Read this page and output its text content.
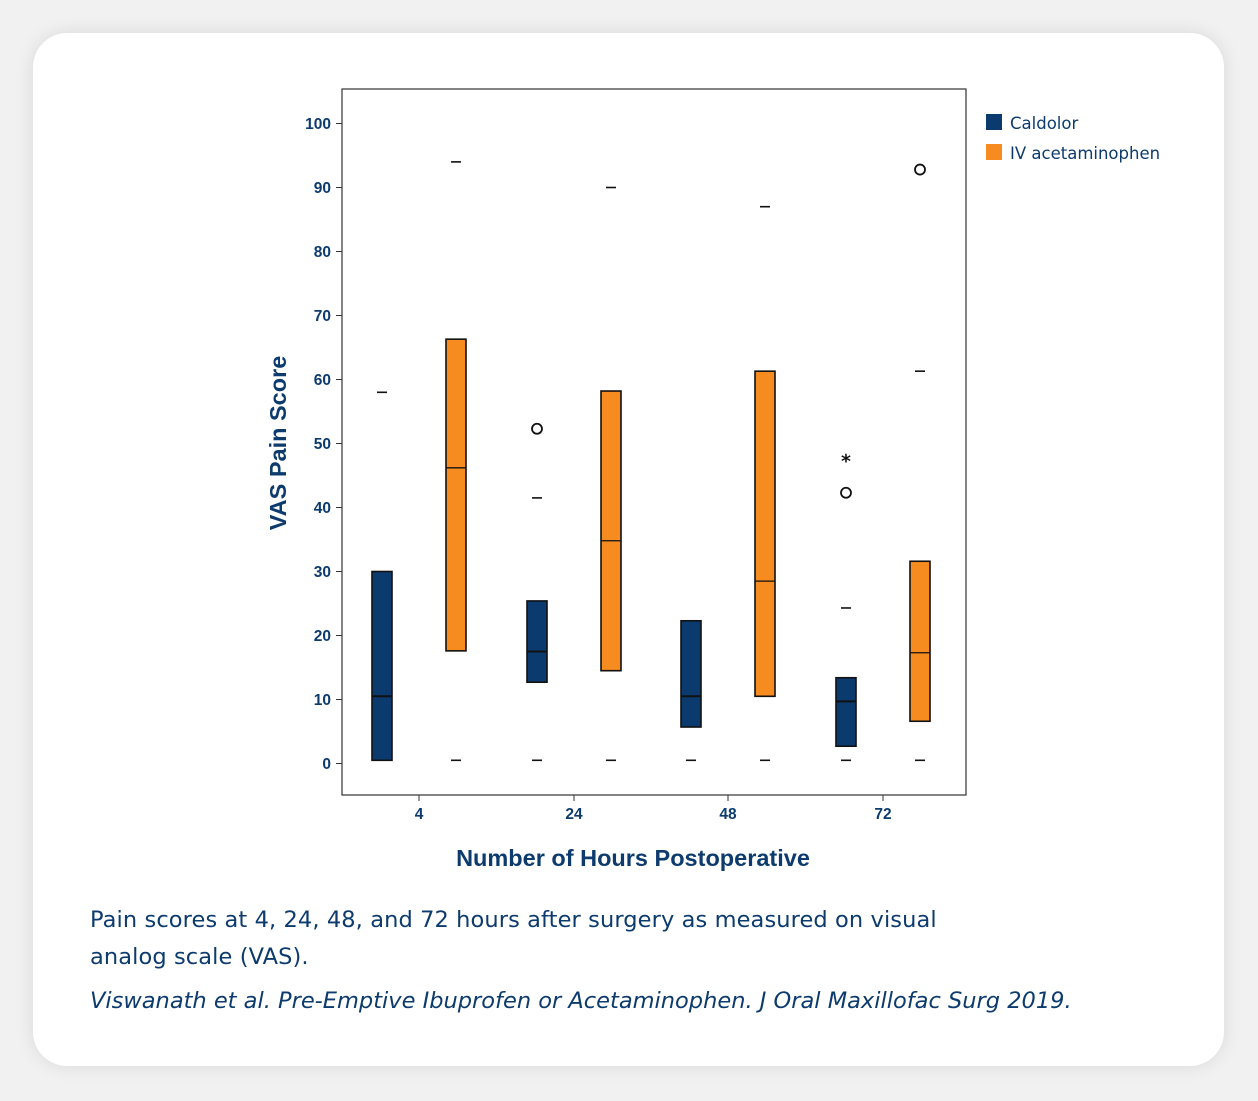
0
10
20
30
40
50
60
70
80
90
100
4	24	48	72
Number of Hours Postoperative
VAS Pain Score	*
Caldolor
IV acetaminophen
Pain scores at 4, 24, 48, and 72 hours after surgery as measured on visual
analog scale (VAS).
Viswanath et al. Pre-Emptive Ibuprofen or Acetaminophen. J Oral Maxillofac Surg 2019.
